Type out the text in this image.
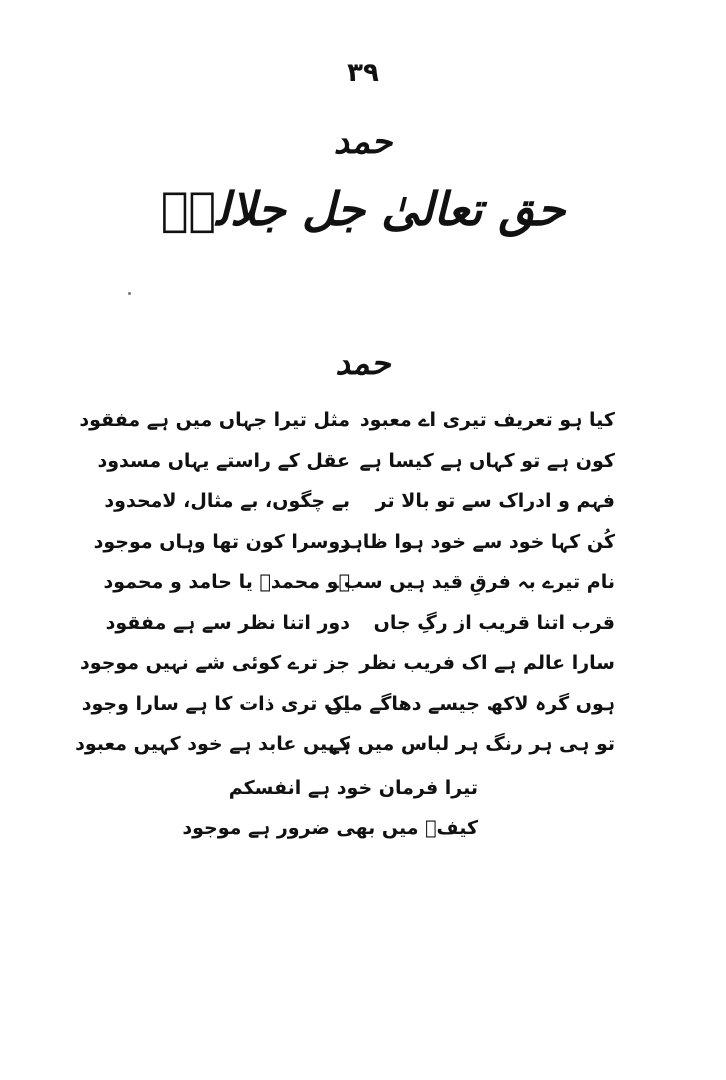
۳۹
حمد
حق تعالیٰ جل جلالہٗ
حمد
کیا ہو تعریف تیری اے معبود
مثل تیرا جہاں میں ہے مفقود
کون ہے تو کہاں ہے کیسا ہے
عقل کے راستے یہاں مسدود
فہم و ادراک سے تو بالا تر
بے چگوں، بے مثال، لامحدود
کُن کہا خود سے خود ہوا ظاہر
دوسرا کون تھا وہاں موجود
نام تیرے بہ فرقِ قید ہیں سب
ہو محمدؐ یا حامد و محمود
قرب اتنا قریب از رگِ جاں
دور اتنا نظر سے ہے مفقود
سارا عالم ہے اک فریب نظر
جز ترے کوئی شے نہیں موجود
ہوں گرہ لاکھ جیسے دھاگے میں
اک تری ذات کا ہے سارا وجود
تو ہی ہر رنگ ہر لباس میں ہے
کہیں عابد ہے خود کہیں معبود
تیرا فرمان خود ہے انفسکم
کیفؔ میں بھی ضرور ہے موجود
